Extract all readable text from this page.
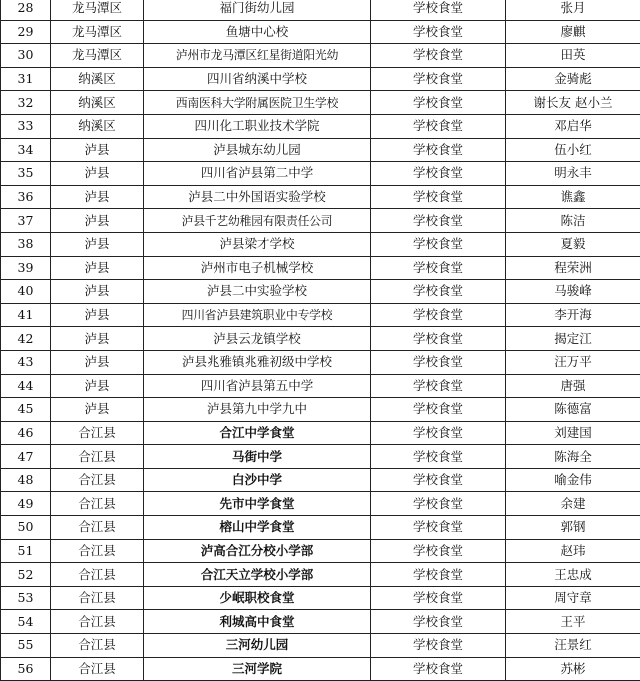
28	龙马潭区	福门街幼儿园	学校食堂	张月
29	龙马潭区	鱼塘中心校	学校食堂	廖麒
30	龙马潭区	泸州市龙马潭区红星街道阳光幼	学校食堂	田英
31	纳溪区	四川省纳溪中学校	学校食堂	金骑彪
32	纳溪区	西南医科大学附属医院卫生学校	学校食堂	谢长友 赵小兰
33	纳溪区	四川化工职业技术学院	学校食堂	邓启华
34	泸县	泸县城东幼儿园	学校食堂	伍小红
35	泸县	四川省泸县第二中学	学校食堂	明永丰
36	泸县	泸县二中外国语实验学校	学校食堂	谯鑫
37	泸县	泸县千艺幼稚园有限责任公司	学校食堂	陈洁
38	泸县	泸县梁才学校	学校食堂	夏毅
39	泸县	泸州市电子机械学校	学校食堂	程荣洲
40	泸县	泸县二中实验学校	学校食堂	马骏峰
41	泸县	四川省泸县建筑职业中专学校	学校食堂	李开海
42	泸县	泸县云龙镇学校	学校食堂	揭定江
43	泸县	泸县兆雅镇兆雅初级中学校	学校食堂	汪万平
44	泸县	四川省泸县第五中学	学校食堂	唐强
45	泸县	泸县第九中学九中	学校食堂	陈德富
46	合江县	合江中学食堂	学校食堂	刘建国
47	合江县	马街中学	学校食堂	陈海全
48	合江县	白沙中学	学校食堂	喻金伟
49	合江县	先市中学食堂	学校食堂	余建
50	合江县	榕山中学食堂	学校食堂	郭钢
51	合江县	泸高合江分校小学部	学校食堂	赵玮
52	合江县	合江天立学校小学部	学校食堂	王忠成
53	合江县	少岷职校食堂	学校食堂	周守章
54	合江县	利城高中食堂	学校食堂	王平
55	合江县	三河幼儿园	学校食堂	汪景红
56	合江县	三河学院	学校食堂	苏彬
